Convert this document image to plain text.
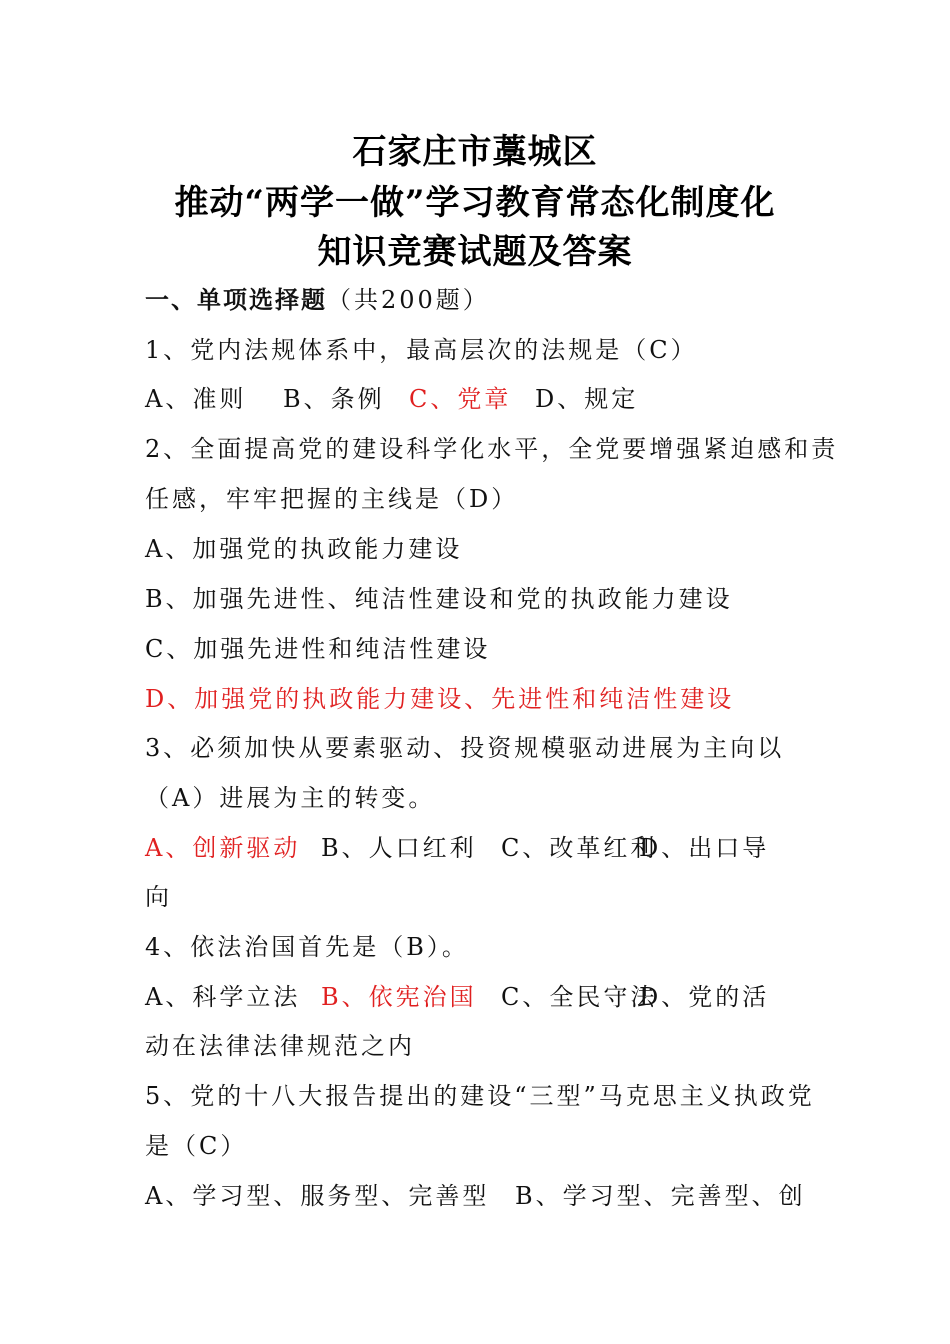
石家庄市藁城区
推动“两学一做”学习教育常态化制度化
知识竞赛试题及答案
一、单项选择题（共200题）
1、党内法规体系中，最高层次的法规是（C）
A、准则 B、条例 C、党章 D、规定
2、全面提高党的建设科学化水平，全党要增强紧迫感和责
任感，牢牢把握的主线是（D）
A、加强党的执政能力建设
B、加强先进性、纯洁性建设和党的执政能力建设
C、加强先进性和纯洁性建设
D、加强党的执政能力建设、先进性和纯洁性建设
3、必须加快从要素驱动、投资规模驱动进展为主向以
（A）进展为主的转变。
A、创新驱动 B、人口红利 C、改革红利D、出口导
向
4、依法治国首先是（B）。
A、科学立法 B、依宪治国 C、全民守法D、党的活
动在法律法律规范之内
5、党的十八大报告提出的建设“三型”马克思主义执政党
是（C）
A、学习型、服务型、完善型 B、学习型、完善型、创
